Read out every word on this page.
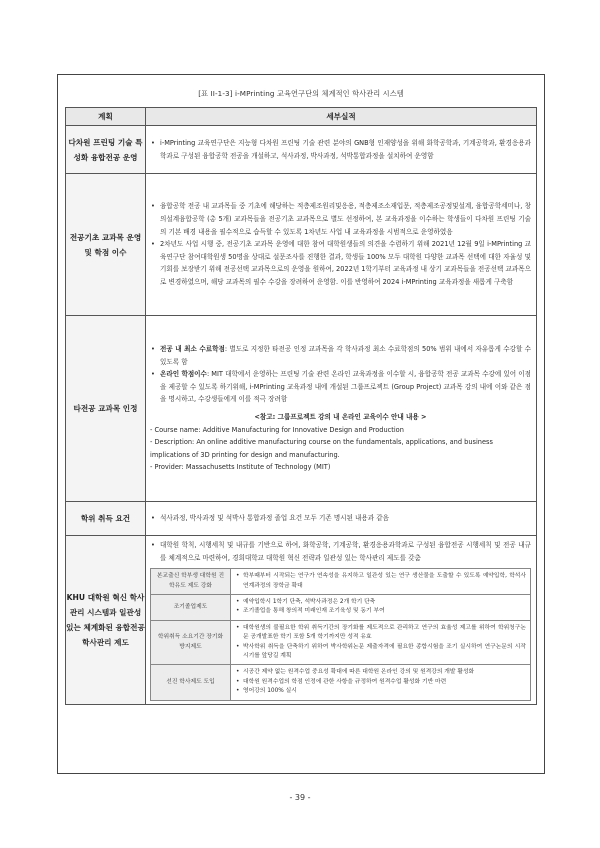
[표 II-1-3] i-MPrinting 교육연구단의 체계적인 학사관리 시스템
계획	세부실적
다차원 프린팅 기술 특성화 융합전공 운영	
• i-MPrinting 교육연구단은 지능형 다차원 프린팅 기술 관련 분야의 GNB형 인재양성을 위해 화학공학과, 기계공학과, 환경응용과학과로 구성된 융합공학 전공을 개설하고, 석사과정, 박사과정, 석박통합과정을 설치하여 운영함

전공기초 교과목 운영 및 학점 이수	
• 융합공학 전공 내 교과목들 중 기초에 해당하는 적층제조원리및응용, 적층제조소재입문, 적층제조공정및설계, 융합공학세미나, 창의설계융합공학 (총 5개) 교과목들을 전공기초 교과목으로 별도 선정하여, 본 교육과정을 이수하는 학생들이 다차원 프린팅 기술의 기본 배경 내용을 필수적으로 습득할 수 있도록 1차년도 사업 내 교육과정을 시범적으로 운영하였음
• 2차년도 사업 시행 중, 전공기초 교과목 운영에 대한 참여 대학원생들의 의견을 수렴하기 위해 2021년 12월 9일 i-MPrinting 교육연구단 참여대학원생 50명을 상대로 설문조사를 진행한 결과, 학생들 100% 모두 대학원 다양한 교과목 선택에 대한 자율성 및 기회를 보장받기 위해 전공선택 교과목으로의 운영을 원하여, 2022년 1학기부터 교육과정 내 상기 교과목들을 전공선택 교과목으로 변경하였으며, 해당 교과목의 필수 수강을 장려하여 운영함. 이를 반영하여 2024 i-MPrinting 교육과정을 새롭게 구축함

타전공 교과목 인정	
• 전공 내 최소 수료학점: 별도로 지정한 타전공 인정 교과목을 각 학사과정 최소 수료학점의 50% 범위 내에서 자유롭게 수강할 수 있도록 함
• 온라인 학점이수: MIT 대학에서 운영하는 프린팅 기술 관련 온라인 교육과정을 이수할 시, 융합공학 전공 교과목 수강에 있어 이점을 제공할 수 있도록 하기위해, i-MPrinting 교육과정 내에 개설된 그룹프로젝트 (Group Project) 교과목 강의 내에 이와 같은 점을 명시하고, 수강생들에게 이를 적극 장려함
<참고: 그룹프로젝트 강의 내 온라인 교육이수 안내 내용 >
- Course name: Additive Manufacturing for Innovative Design and Production
- Description: An online additive manufacturing course on the fundamentals, applications, and business implications of 3D printing for design and manufacturing.
- Provider: Massachusetts Institute of Technology (MIT)

학위 취득 요건	
•석사과정, 박사과정 및 석박사 통합과정 졸업 요건 모두 기존 명시된 내용과 같음

KHU 대학원 혁신 학사관리 시스템과 일관성 있는 체계화된 융합전공 학사관리 제도	
• 대학원 학칙, 시행세칙 및 내규를 기반으로 하여, 화학공학, 기계공학, 환경응용과학과로 구성된 융합전공 시행세칙 및 전공 내규를 체계적으로 마련하여, 경희대학교 대학원 혁신 전략과 일관성 있는 학사관리 제도를 갖춤
본교출신 학부생 대학원 진학유도 제도 강화	
• 학부때부터 시작되는 연구가 연속성을 유지하고 일관성 있는 연구 생산물을 도출할 수 있도록 예약입학, 학석사 연계과정의 장학금 확대

조기졸업제도	
• 예약입학시 1학기 단축, 석박사과정은 2개 학기 단축
• 조기졸업을 통해 창의적 미래인재 조기육성 및 동기 부여

학위취득 소요기간 장기화 방지제도	
• 대학원생의 불필요한 학위 취득기간의 장기화를 제도적으로 관리하고 연구의 효율성 제고를 위하여 학위청구논문 공개발표한 학기 포함 5개 학기까지만 성적 유효
• 박사학위 취득을 단축하기 위하여 박사학위논문 제출자격에 필요한 종합시험을 조기 실시하여 연구논문의 시작시기를 앞당길 계획

선진 학사제도 도입	
• 시공간 제약 없는 원격수업 중요성 확대에 따른 대학원 온라인 강의 및 원격강의 개발 활성화
• 대학원 원격수업의 학점 인정에 관한 사항을 규정하여 원격수업 활성화 기반 마련
• 영어강의 100% 실시
- 39 -
